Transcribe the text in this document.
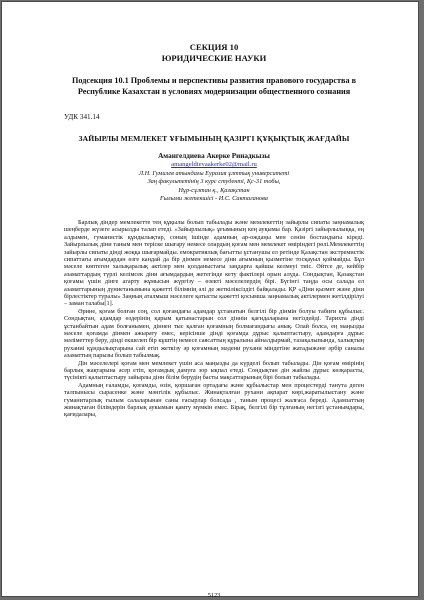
СЕКЦИЯ 10
ЮРИДИЧЕСКИЕ НАУКИ
Подсекция 10.1 Проблемы и перспективы развития правового государства в Республике Казахстан в условиях модернизации общественного сознания
УДК 341.14
ЗАЙЫРЛЫ МЕМЛЕКЕТ ҰҒЫМЫНЫҢ ҚАЗІРГІ ҚҰҚЫҚТЫҚ ЖАҒДАЙЫ
Амангелдиева Акерке Рииадкызы
amangeldievaakerke02@mail.ru
Л.Н. Гумилев атындағы Еуразия ұлттық университеті
Заң факультетінің 3 курс студенті, Қс-31 тобы,
Нұр-сұлтан қ., Қазақстан
Ғылыми жетекшісі - И.С. Сактаганова

Барлық діндер мемлекетте тең құқылы болып табылады және мемлекеттің зайырлы сипаты заңнамалық шеңберде жүзеге асырылды талап етеді. «Зайырлылық» ұғымының кең ауқымы бар. Қазіргі зайырлылыққа, ең алдымен, гуманистік құндылықтар, соның ішінде адамның ар-ождаңы мен сенім бостандығы кіреді. Зайырлылық діни таным мен теріске шығару немесе олардың қоғам мен мемлекет өміріндегі рөлі.Мемлекеттің зайырлы сипаты дінді жоққа шығармайды. емократиялық бағытты ұстанушы ел ретінде Қазақстан экстремистік сипаттағы ағымдардан өзге кандай да бір дінмен немесе діни ағымның қызметіне тосқауыл қоймайды. Бұл мәселе көптеген халықаралық актілер мен қолданыстағы заңдарға қайшы келмеуі тиіс. Әйтсе де, кейбір азаматтардың түрлі келімсек діни ағымдардың жетегінде кету фактілері орын алуда. Сондықтан, Қазақстан қоғамы үшін дінге агарту жұмысын жүргізу – өзекті мәселелердің бірі. Бүгінгі таңда осы салада ел азаматтарының дүниетанымына қажетті білімнің әлі де жеткіліксіздігі байқалады. ҚР «Діни қызмет және діни бірлестіктер туралы» Заңның аталмыш мәселеге қатысты қажетті қосымша заңнамалық актілермен жетілдірілуі – заман талабы[1].

Әрине, қоғам болған соң, сол қоғамдағы адамдар ұстанатын белгілі бір дінмін болуы табиғи құбылыс. Сондықтан, адамдар өздерінің қарым қатынастарын сол дінніи қағидаларына негіздейді. Тарихта дінді ұстанбайтын адам болғанымен, діннен тыс қалған қоғамның болмағандығы анық. Олай болса, ең маңызды мәселе қоғамда дінмен ажырату емес, керісінше дінді қоғамда дұрыс қалыптастыру, адамдарға дұрыс мәліметтер беру, дінді екшелеп бір кұштің немесе саясаттың құралына айналдырмай, тазақалыпында, халықтың руханиі құндылықтарына сай етіп жеткізу әр қоғамның мәдени рухани міндетіне жатадыжәне әрбір саналы азаматтың парызы болып табылмақ.

Дін мәселелері қоғам мен мемлекет үшін аса маңызды да күрделі болып табылады. Дін қоғам өмірінің барлық жақтарына әсер етіп, қоғамдық дамуға зор ықпал етеді. Сондықтан дін жайлы дұрыс көзқарасты, түсінікті қалыптастыру зайырлы дінн білім берудің басты мақсаттарының бірі болып табылады.

Адамның ғаламды, қоғамды, өзін, қоршаған ортадағы және құбылыстар мен процестерді танута деген талпынысы сырасенке және мәнгілік құбылыс. Жинақталған рухани ақпарат көрі,жаратылыстану және гуманитарлық ғылым салаларынан саны ғасырлар болсада , таным процесі жалғаса береді. Адамзаттың жинақтаған білімдерін барлық аукымын қамту мүмкін емес. Бірақ, белгілі бір тұлғаның негізгі ұстанымдары, қағидалары,

5123
